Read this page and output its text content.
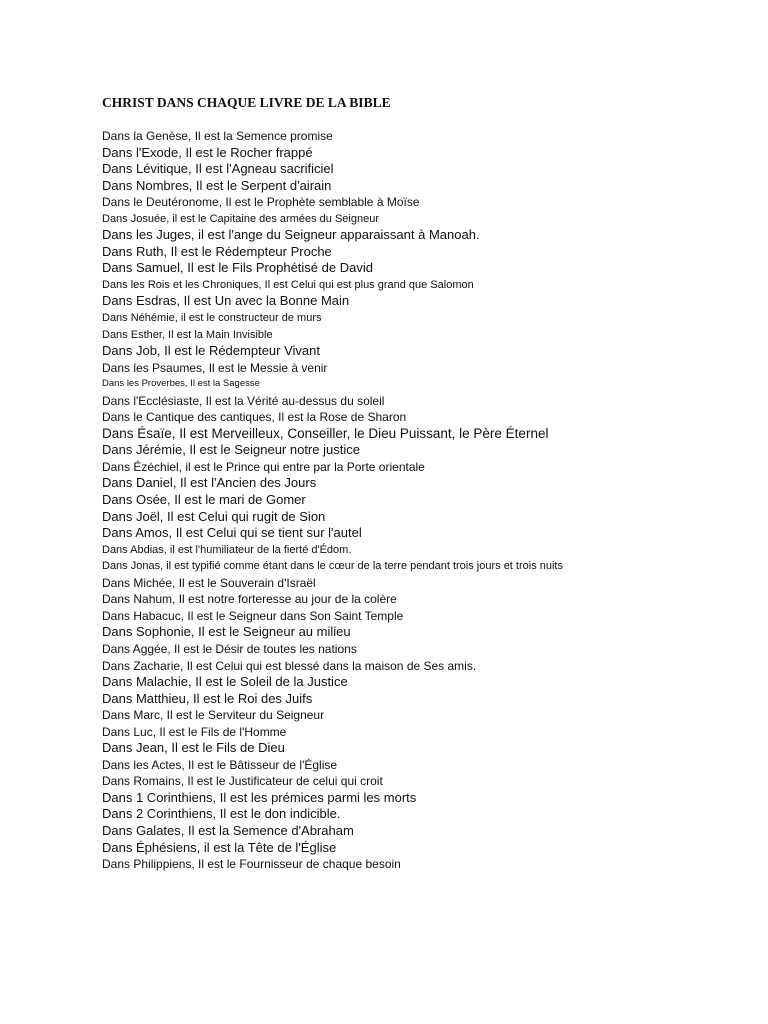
CHRIST DANS CHAQUE LIVRE DE LA BIBLE
Dans la Genèse, Il est la Semence promise
Dans l'Exode, Il est le Rocher frappé
Dans Lévitique, Il est l'Agneau sacrificiel
Dans Nombres, Il est le Serpent d'airain
Dans le Deutéronome, Il est le Prophète semblable à Moïse
Dans Josuée, il est le Capitaine des armées du Seigneur
Dans les Juges, il est l'ange du Seigneur apparaissant à Manoah.
Dans Ruth, Il est le Rédempteur Proche
Dans Samuel, Il est le Fils Prophétisé de David
Dans les Rois et les Chroniques, Il est Celui qui est plus grand que Salomon
Dans Esdras, Il est Un avec la Bonne Main
Dans Néhémie, il est le constructeur de murs
Dans Esther, Il est la Main Invisible
Dans Job, Il est le Rédempteur Vivant
Dans les Psaumes, Il est le Messie à venir
Dans les Proverbes, Il est la Sagesse
Dans l'Ecclésiaste, Il est la Vérité au-dessus du soleil
Dans le Cantique des cantiques, Il est la Rose de Sharon
Dans Ésaïe, Il est Merveilleux, Conseiller, le Dieu Puissant, le Père Éternel
Dans Jérémie, Il est le Seigneur notre justice
Dans Ézéchiel, il est le Prince qui entre par la Porte orientale
Dans Daniel, Il est l'Ancien des Jours
Dans Osée, Il est le mari de Gomer
Dans Joël, Il est Celui qui rugit de Sion
Dans Amos, Il est Celui qui se tient sur l'autel
Dans Abdias, il est l'humiliateur de la fierté d'Édom.
Dans Jonas, il est typifié comme étant dans le cœur de la terre pendant trois jours et trois nuits
Dans Michée, Il est le Souverain d'Israël
Dans Nahum, Il est notre forteresse au jour de la colère
Dans Habacuc, Il est le Seigneur dans Son Saint Temple
Dans Sophonie, Il est le Seigneur au milieu
Dans Aggée, Il est le Désir de toutes les nations
Dans Zacharie, Il est Celui qui est blessé dans la maison de Ses amis.
Dans Malachie, Il est le Soleil de la Justice
Dans Matthieu, Il est le Roi des Juifs
Dans Marc, Il est le Serviteur du Seigneur
Dans Luc, Il est le Fils de l'Homme
Dans Jean, Il est le Fils de Dieu
Dans les Actes, Il est le Bâtisseur de l'Église
Dans Romains, Il est le Justificateur de celui qui croit
Dans 1 Corinthiens, Il est les prémices parmi les morts
Dans 2 Corinthiens, Il est le don indicible.
Dans Galates, Il est la Semence d'Abraham
Dans Éphésiens, il est la Tête de l'Église
Dans Philippiens, Il est le Fournisseur de chaque besoin
